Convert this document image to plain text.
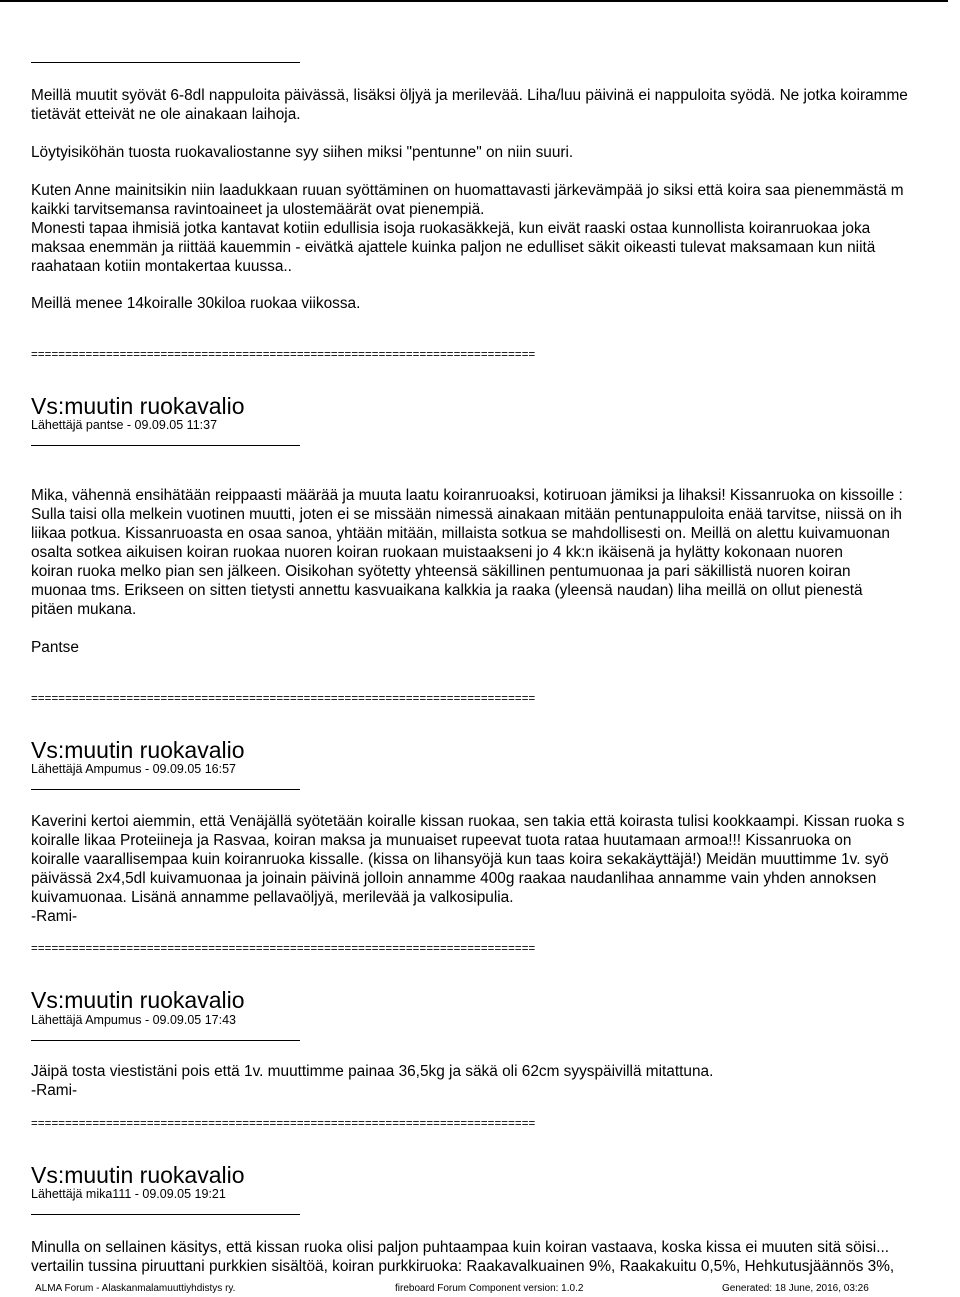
Meillä muutit syövät 6-8dl nappuloita päivässä, lisäksi öljyä ja merilevää. Liha/luu päivinä ei nappuloita syödä. Ne jotka koiramme
tietävät etteivät ne ole ainakaan laihoja.

Löytyisiköhän tuosta ruokavaliostanne syy siihen miksi "pentunne" on niin suuri.

Kuten Anne mainitsikin niin laadukkaan ruuan syöttäminen on huomattavasti järkevämpää jo siksi että koira saa pienemmästä m
kaikki tarvitsemansa ravintoaineet ja ulostemäärät ovat pienempiä.
Monesti tapaa ihmisiä jotka kantavat kotiin edullisia isoja ruokasäkkejä, kun eivät raaski ostaa kunnollista koiranruokaa joka
maksaa enemmän ja riittää kauemmin - eivätkä ajattele kuinka paljon ne edulliset säkit oikeasti tulevat maksamaan kun niitä
raahataan kotiin montakertaa kuussa..

Meillä menee 14koiralle 30kiloa ruokaa viikossa.

==========================================================================

Vs:muutin ruokavalio

Lähettäjä pantse - 09.09.05 11:37

Mika, vähennä ensihätään reippaasti määrää ja muuta laatu koiranruoaksi, kotiruoan jämiksi ja lihaksi! Kissanruoka on kissoille :
Sulla taisi olla melkein vuotinen muutti, joten ei se missään nimessä ainakaan mitään pentunappuloita enää tarvitse, niissä on ih
liikaa potkua. Kissanruoasta en osaa sanoa, yhtään mitään, millaista sotkua se mahdollisesti on. Meillä on alettu kuivamuonan
osalta sotkea aikuisen koiran ruokaa nuoren koiran ruokaan muistaakseni jo 4 kk:n ikäisenä ja hylätty kokonaan nuoren
koiran ruoka melko pian sen jälkeen. Oisikohan syötetty yhteensä säkillinen pentumuonaa ja pari säkillistä nuoren koiran
muonaa tms. Erikseen on sitten tietysti annettu kasvuaikana kalkkia ja raaka (yleensä naudan) liha meillä on ollut pienestä
pitäen mukana.

Pantse

==========================================================================

Vs:muutin ruokavalio

Lähettäjä Ampumus - 09.09.05 16:57

Kaverini kertoi aiemmin, että Venäjällä syötetään koiralle kissan ruokaa, sen takia että koirasta tulisi kookkaampi. Kissan ruoka s
koiralle likaa Proteiineja ja Rasvaa, koiran maksa ja munuaiset rupeevat tuota rataa huutamaan armoa!!! Kissanruoka on
koiralle vaarallisempaa kuin koiranruoka kissalle. (kissa on lihansyöjä kun taas koira sekakäyttäjä!) Meidän muuttimme 1v. syö
päivässä 2x4,5dl kuivamuonaa ja joinain päivinä jolloin annamme 400g raakaa naudanlihaa annamme vain yhden annoksen
kuivamuonaa. Lisänä annamme pellavaöljyä, merilevää ja valkosipulia.
-Rami-

==========================================================================

Vs:muutin ruokavalio

Lähettäjä Ampumus - 09.09.05 17:43

Jäipä tosta viestistäni pois että 1v. muuttimme painaa 36,5kg ja säkä oli 62cm syyspäivillä mitattuna.
-Rami-

==========================================================================

Vs:muutin ruokavalio

Lähettäjä mika111 - 09.09.05 19:21

Minulla on sellainen käsitys, että kissan ruoka olisi paljon puhtaampaa kuin koiran vastaava, koska kissa ei muuten sitä söisi...
vertailin tussina piruuttani purkkien sisältöä, koiran purkkiruoka: Raakavalkuainen 9%, Raakakuitu 0,5%, Hehkutusjäännös 3%,

ALMA Forum - Alaskanmalamuuttiyhdistys ry.	fireboard Forum Component version: 1.0.2	Generated: 18 June, 2016, 03:26
